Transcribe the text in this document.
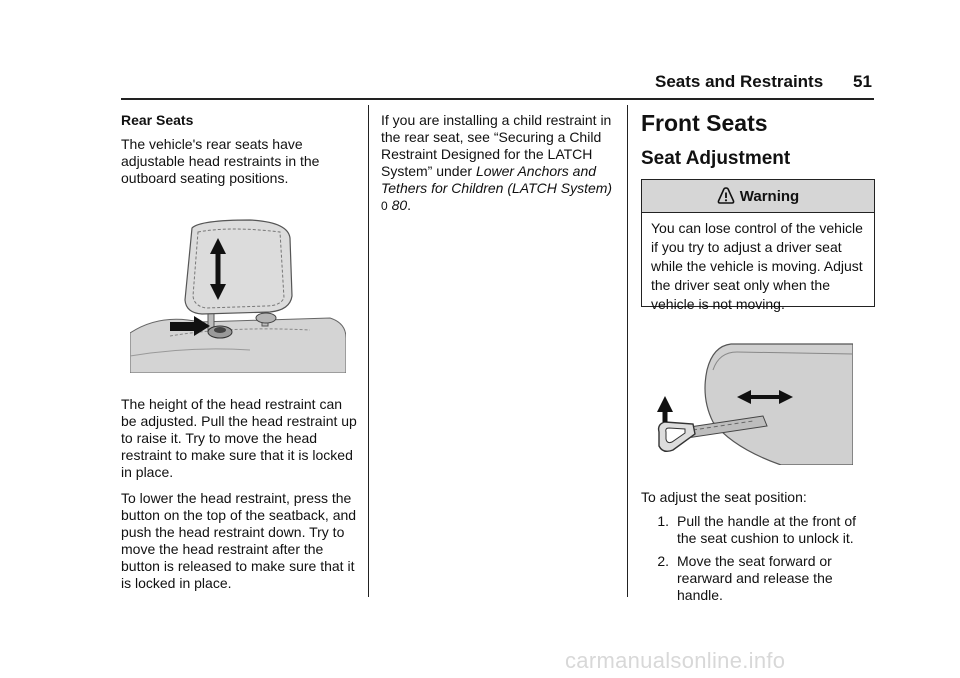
Seats and Restraints 51
Rear Seats

The vehicle's rear seats have adjustable head restraints in the outboard seating positions.

The height of the head restraint can be adjusted. Pull the head restraint up to raise it. Try to move the head restraint to make sure that it is locked in place.

To lower the head restraint, press the button on the top of the seatback, and push the head restraint down. Try to move the head restraint after the button is released to make sure that it is locked in place.

If you are installing a child restraint in the rear seat, see “Securing a Child Restraint Designed for the LATCH System” under Lower Anchors and Tethers for Children (LATCH System) 0 80.

Front Seats
Seat Adjustment
Warning
You can lose control of the vehicle if you try to adjust a driver seat while the vehicle is moving. Adjust the driver seat only when the vehicle is not moving.

To adjust the seat position:

1. Pull the handle at the front of the seat cushion to unlock it.
2. Move the seat forward or rearward and release the handle.
carmanualsonline.info
